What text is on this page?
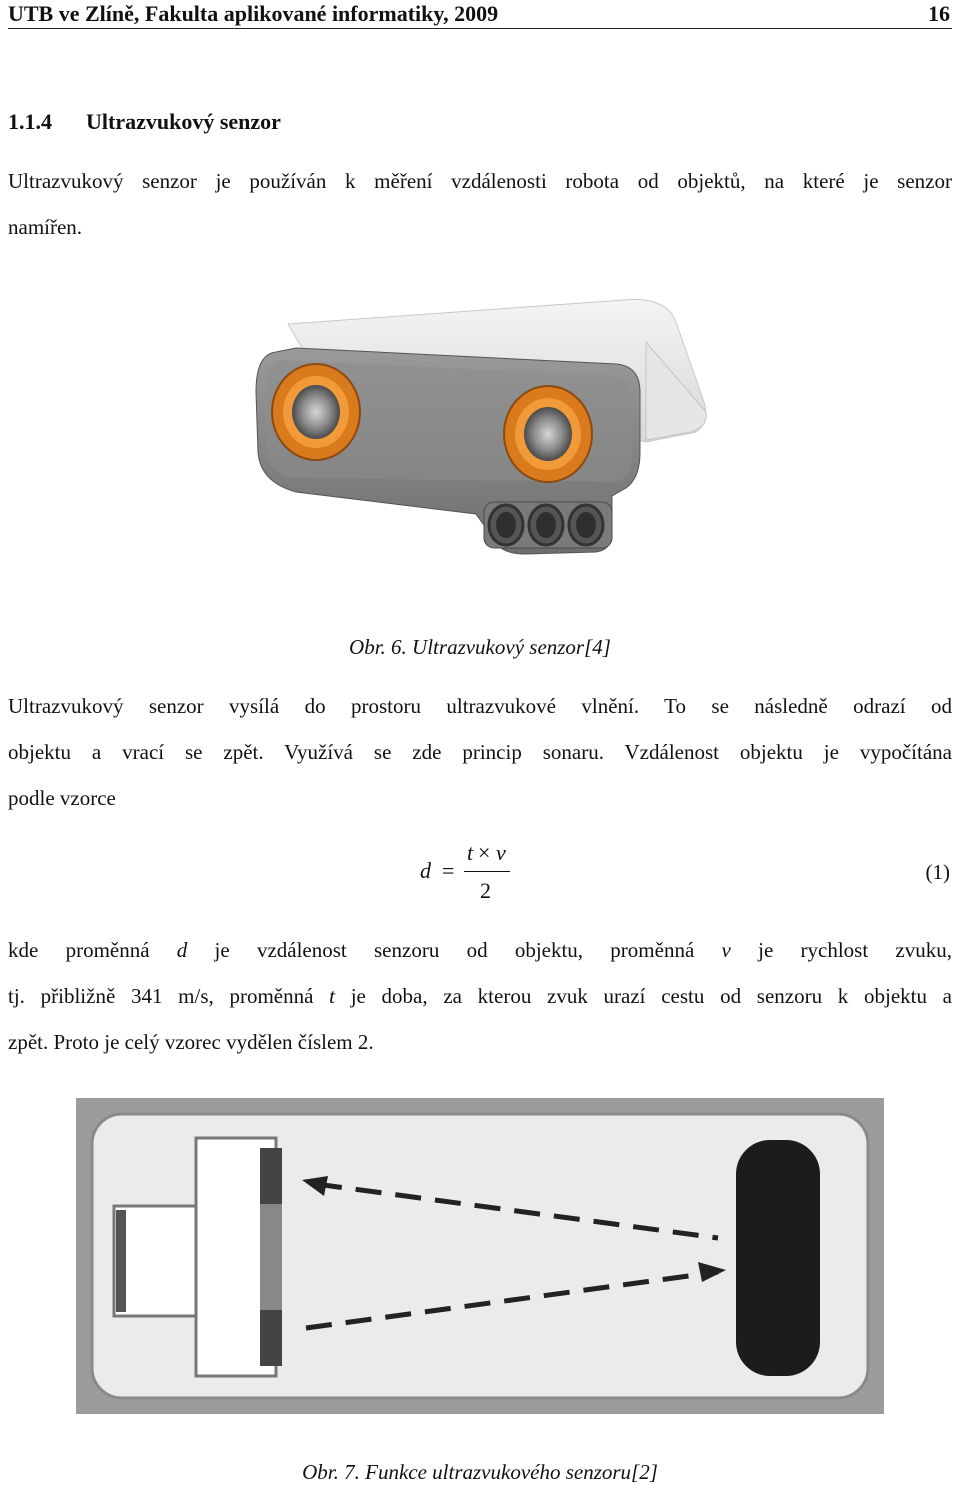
UTB ve Zlíně, Fakulta aplikované informatiky, 2009	16
1.1.4 Ultrazvukový senzor
Ultrazvukový senzor je používán k měření vzdálenosti robota od objektů, na které je senzor
namířen.
Obr. 6. Ultrazvukový senzor[4]
Ultrazvukový senzor vysílá do prostoru ultrazvukové vlnění. To se následně odrazí od
objektu a vrací se zpět. Využívá se zde princip sonaru. Vzdálenost objektu je vypočítána
podle vzorce
d =
t × v
2
(1)
kde proměnná d je vzdálenost senzoru od objektu, proměnná v je rychlost zvuku,
tj. přibližně 341 m/s, proměnná t je doba, za kterou zvuk urazí cestu od senzoru k objektu a
zpět. Proto je celý vzorec vydělen číslem 2.
Obr. 7. Funkce ultrazvukového senzoru[2]
